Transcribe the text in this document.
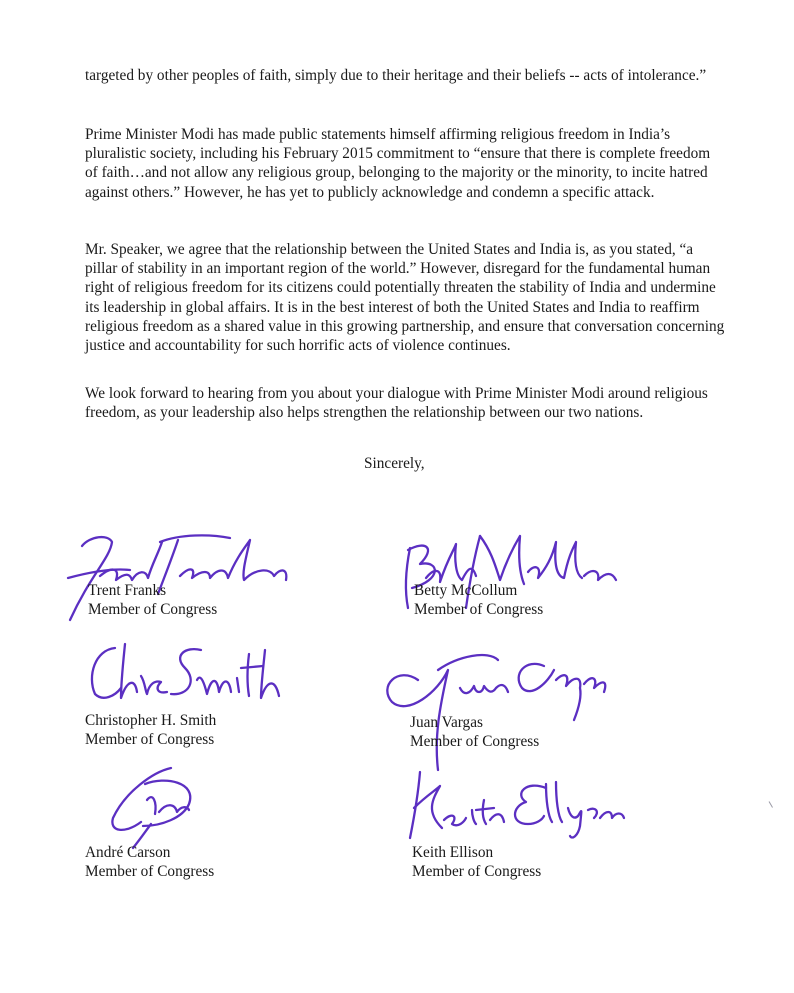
targeted by other peoples of faith, simply due to their heritage and their beliefs -- acts of intolerance.”

Prime Minister Modi has made public statements himself affirming religious freedom in India’s pluralistic society, including his February 2015 commitment to “ensure that there is complete freedom of faith…and not allow any religious group, belonging to the majority or the minority, to incite hatred against others.” However, he has yet to publicly acknowledge and condemn a specific attack.

Mr. Speaker, we agree that the relationship between the United States and India is, as you stated, “a pillar of stability in an important region of the world.” However, disregard for the fundamental human right of religious freedom for its citizens could potentially threaten the stability of India and undermine its leadership in global affairs. It is in the best interest of both the United States and India to reaffirm religious freedom as a shared value in this growing partnership, and ensure that conversation concerning justice and accountability for such horrific acts of violence continues.

We look forward to hearing from you about your dialogue with Prime Minister Modi around religious freedom, as your leadership also helps strengthen the relationship between our two nations.

Sincerely,
Trent Franks
Member of Congress
Betty McCollum
Member of Congress
Christopher H. Smith
Member of Congress
Juan Vargas
Member of Congress
André Carson
Member of Congress
Keith Ellison
Member of Congress
